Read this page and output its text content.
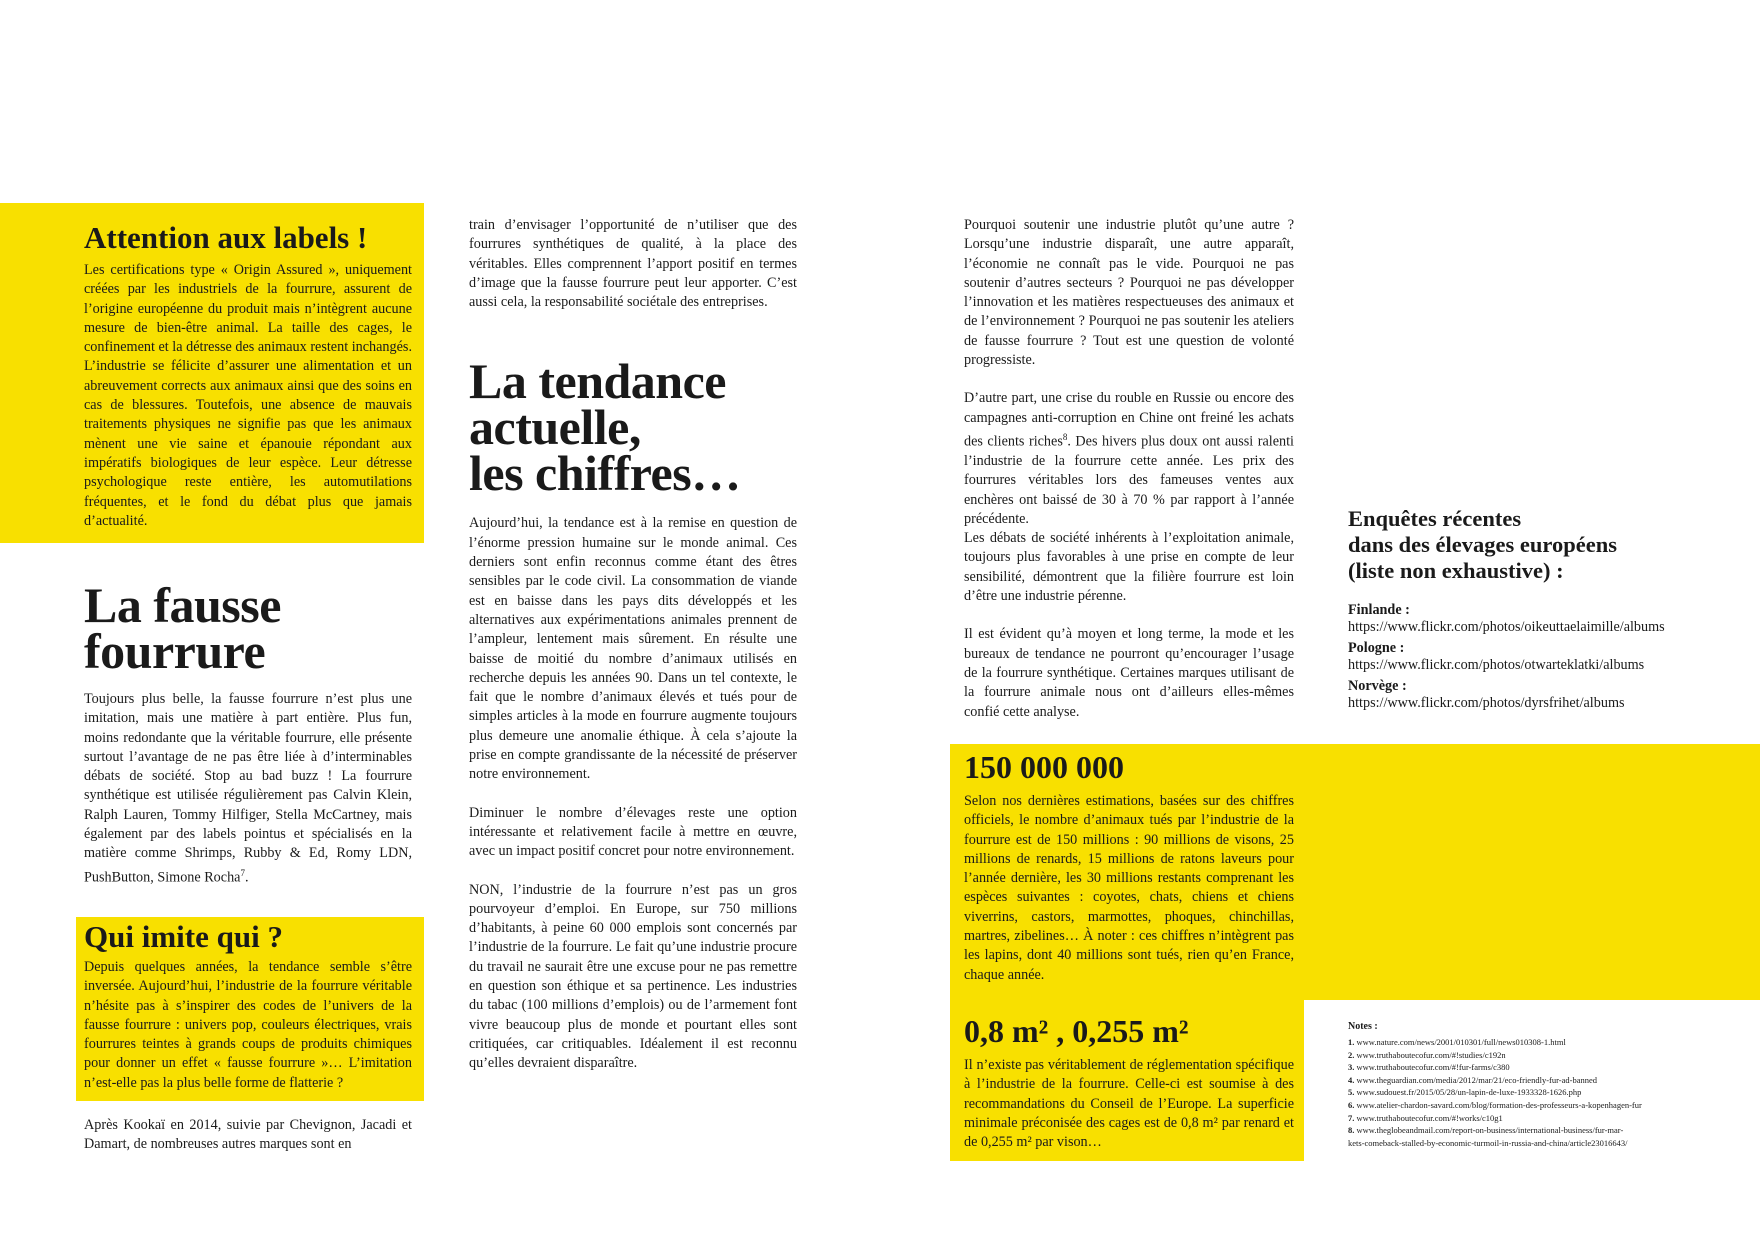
Attention aux labels !

Les certifications type « Origin Assured », uniquement créées par les industriels de la fourrure, assurent de l’origine européenne du produit mais n’intègrent aucune mesure de bien-être animal. La taille des cages, le confinement et la détresse des animaux restent inchangés. L’industrie se félicite d’assurer une alimentation et un abreuvement corrects aux animaux ainsi que des soins en cas de blessures. Toutefois, une absence de mauvais traitements physiques ne signifie pas que les animaux mènent une vie saine et épanouie répondant aux impératifs biologiques de leur espèce. Leur détresse psychologique reste entière, les automutilations fréquentes, et le fond du débat plus que jamais d’actualité.

La fausse
fourrure

Toujours plus belle, la fausse fourrure n’est plus une imitation, mais une matière à part entière. Plus fun, moins redondante que la véritable fourrure, elle présente surtout l’avantage de ne pas être liée à d’interminables débats de société. Stop au bad buzz ! La fourrure synthétique est utilisée régulièrement pas Calvin Klein, Ralph Lauren, Tommy Hilfiger, Stella McCartney, mais également par des labels pointus et spécialisés en la matière comme Shrimps, Rubby & Ed, Romy LDN, PushButton, Simone Rocha$^7$.

Qui imite qui ?

Depuis quelques années, la tendance semble s’être inversée. Aujourd’hui, l’industrie de la fourrure véritable n’hésite pas à s’inspirer des codes de l’univers de la fausse fourrure : univers pop, couleurs électriques, vrais fourrures teintes à grands coups de produits chimiques pour donner un effet « fausse fourrure »… L’imitation n’est-elle pas la plus belle forme de flatterie ?

Après Kookaï en 2014, suivie par Chevignon, Jacadi et Damart, de nombreuses autres marques sont en

train d’envisager l’opportunité de n’utiliser que des fourrures synthétiques de qualité, à la place des véritables. Elles comprennent l’apport positif en termes d’image que la fausse fourrure peut leur apporter. C’est aussi cela, la responsabilité sociétale des entreprises.

La tendance
actuelle,
les chiffres…

Aujourd’hui, la tendance est à la remise en question de l’énorme pression humaine sur le monde animal. Ces derniers sont enfin reconnus comme étant des êtres sensibles par le code civil. La consommation de viande est en baisse dans les pays dits développés et les alternatives aux expérimentations animales prennent de l’ampleur, lentement mais sûrement. En résulte une baisse de moitié du nombre d’animaux utilisés en recherche depuis les années 90. Dans un tel contexte, le fait que le nombre d’animaux élevés et tués pour de simples articles à la mode en fourrure augmente toujours plus demeure une anomalie éthique. À cela s’ajoute la prise en compte grandissante de la nécessité de préserver notre environnement.

Diminuer le nombre d’élevages reste une option intéressante et relativement facile à mettre en œuvre, avec un impact positif concret pour notre environnement.

NON, l’industrie de la fourrure n’est pas un gros pourvoyeur d’emploi. En Europe, sur 750 millions d’habitants, à peine 60 000 emplois sont concernés par l’industrie de la fourrure. Le fait qu’une industrie procure du travail ne saurait être une excuse pour ne pas remettre en question son éthique et sa pertinence. Les industries du tabac (100 millions d’emplois) ou de l’armement font vivre beaucoup plus de monde et pourtant elles sont critiquées, car critiquables. Idéalement il est reconnu qu’elles devraient disparaître.

Pourquoi soutenir une industrie plutôt qu’une autre ? Lorsqu’une industrie disparaît, une autre apparaît, l’économie ne connaît pas le vide. Pourquoi ne pas soutenir d’autres secteurs ? Pourquoi ne pas développer l’innovation et les matières respectueuses des animaux et de l’environnement ? Pourquoi ne pas soutenir les ateliers de fausse fourrure ? Tout est une question de volonté progressiste.

D’autre part, une crise du rouble en Russie ou encore des campagnes anti-corruption en Chine ont freiné les achats des clients riches$^8$. Des hivers plus doux ont aussi ralenti l’industrie de la fourrure cette année. Les prix des fourrures véritables lors des fameuses ventes aux enchères ont baissé de 30 à 70 % par rapport à l’année précédente.

Les débats de société inhérents à l’exploitation animale, toujours plus favorables à une prise en compte de leur sensibilité, démontrent que la filière fourrure est loin d’être une industrie pérenne.

Il est évident qu’à moyen et long terme, la mode et les bureaux de tendance ne pourront qu’encourager l’usage de la fourrure synthétique. Certaines marques utilisant de la fourrure animale nous ont d’ailleurs elles-mêmes confié cette analyse.

150 000 000

Selon nos dernières estimations, basées sur des chiffres officiels, le nombre d’animaux tués par l’industrie de la fourrure est de 150 millions : 90 millions de visons, 25 millions de renards, 15 millions de ratons laveurs pour l’année dernière, les 30 millions restants comprenant les espèces suivantes : coyotes, chats, chiens et chiens viverrins, castors, marmottes, phoques, chinchillas, martres, zibelines… À noter : ces chiffres n’intègrent pas les lapins, dont 40 millions sont tués, rien qu’en France, chaque année.

0,8 m² , 0,255 m²

Il n’existe pas véritablement de réglementation spécifique à l’industrie de la fourrure. Celle-ci est soumise à des recommandations du Conseil de l’Europe. La superficie minimale préconisée des cages est de 0,8 m² par renard et de 0,255 m² par vison…

Enquêtes récentes
dans des élevages européens
(liste non exhaustive) :

Finlande :

https://www.flickr.com/photos/oikeuttaelaimille/albums

Pologne :

https://www.flickr.com/photos/otwarteklatki/albums

Norvège :

https://www.flickr.com/photos/dyrsfrihet/albums

Notes :

1. www.nature.com/news/2001/010301/full/news010308-1.html

2. www.truthaboutecofur.com/#!studies/c192n

3. www.truthaboutecofur.com/#!fur-farms/c380

4. www.theguardian.com/media/2012/mar/21/eco-friendly-fur-ad-banned

5. www.sudouest.fr/2015/05/28/un-lapin-de-luxe-1933328-1626.php

6. www.atelier-chardon-savard.com/blog/formation-des-professeurs-a-kopenhagen-fur

7. www.truthaboutecofur.com/#!works/c10g1

8. www.theglobeandmail.com/report-on-business/international-business/fur-mar-

kets-comeback-stalled-by-economic-turmoil-in-russia-and-china/article23016643/
